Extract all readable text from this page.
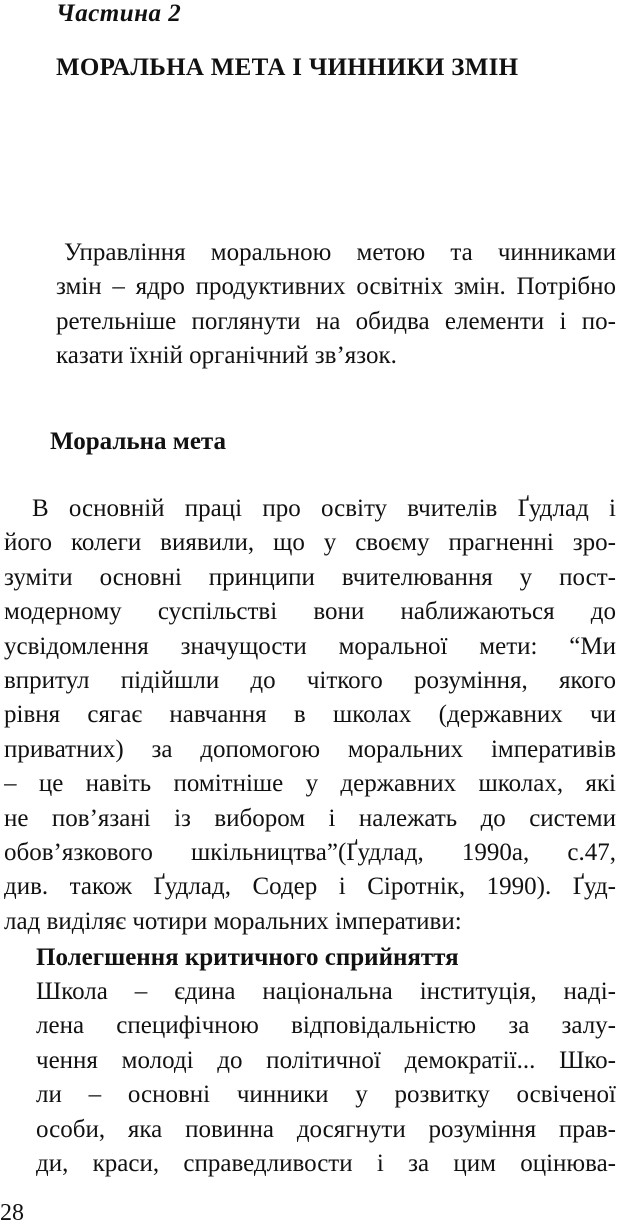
Частина 2
МОРАЛЬНА МЕТА І ЧИННИКИ ЗМІН
Управління моральною метою та чинниками
змін – ядро продуктивних освітніх змін. Потрібно
ретельніше поглянути на обидва елементи і по-
казати їхній органічний зв’язок.
Моральна мета
В основній праці про освіту вчителів Ґудлад і
його колеги виявили, що у своєму прагненні зро-
зуміти основні принципи вчителювання у пост-
модерному суспільстві вони наближаються до
усвідомлення значущости моральної мети: “Ми
впритул підійшли до чіткого розуміння, якого
рівня сягає навчання в школах (державних чи
приватних) за допомогою моральних імперативів
– це навіть помітніше у державних школах, які
не пов’язані із вибором і належать до системи
обов’язкового шкільництва”(Ґудлад, 1990а, с.47,
див. також Ґудлад, Содер і Сіротнік, 1990). Ґуд-
лад виділяє чотири моральних імперативи:
Полегшення критичного сприйняття
Школа – єдина національна інституція, наді-
лена специфічною відповідальністю за залу-
чення молоді до політичної демократії... Шко-
ли – основні чинники у розвитку освіченої
особи, яка повинна досягнути розуміння прав-
ди, краси, справедливости і за цим оцінюва-
28
